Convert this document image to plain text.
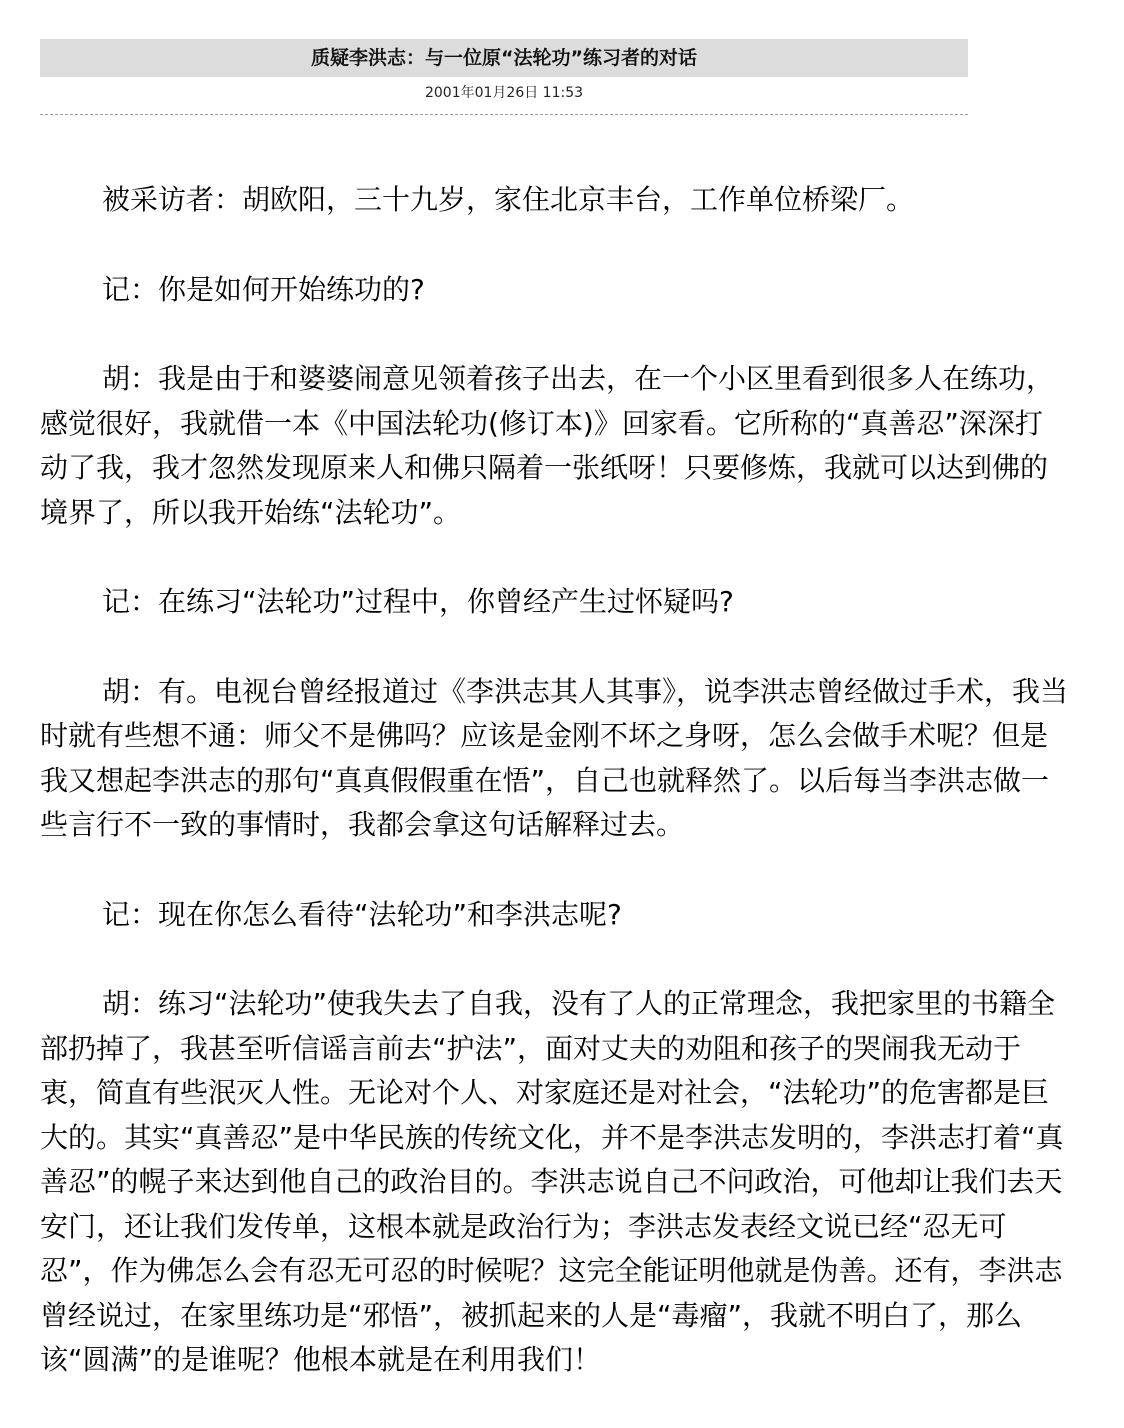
质疑李洪志：与一位原“法轮功”练习者的对话
2001年01月26日 11:53

被采访者：胡欧阳，三十九岁，家住北京丰台，工作单位桥梁厂。

记：你是如何开始练功的?

胡：我是由于和婆婆闹意见领着孩子出去，在一个小区里看到很多人在练功，感觉很好，我就借一本《中国法轮功(修订本)》回家看。它所称的“真善忍”深深打动了我，我才忽然发现原来人和佛只隔着一张纸呀！只要修炼，我就可以达到佛的境界了，所以我开始练“法轮功”。

记：在练习“法轮功”过程中，你曾经产生过怀疑吗?

胡：有。电视台曾经报道过《李洪志其人其事》，说李洪志曾经做过手术，我当时就有些想不通：师父不是佛吗？应该是金刚不坏之身呀，怎么会做手术呢？但是我又想起李洪志的那句“真真假假重在悟”，自己也就释然了。以后每当李洪志做一些言行不一致的事情时，我都会拿这句话解释过去。

记：现在你怎么看待“法轮功”和李洪志呢?

胡：练习“法轮功”使我失去了自我，没有了人的正常理念，我把家里的书籍全部扔掉了，我甚至听信谣言前去“护法”，面对丈夫的劝阻和孩子的哭闹我无动于衷，简直有些泯灭人性。无论对个人、对家庭还是对社会，“法轮功”的危害都是巨大的。其实“真善忍”是中华民族的传统文化，并不是李洪志发明的，李洪志打着“真善忍”的幌子来达到他自己的政治目的。李洪志说自己不问政治，可他却让我们去天安门，还让我们发传单，这根本就是政治行为；李洪志发表经文说已经“忍无可忍”，作为佛怎么会有忍无可忍的时候呢？这完全能证明他就是伪善。还有，李洪志曾经说过，在家里练功是“邪悟”，被抓起来的人是“毒瘤”，我就不明白了，那么该“圆满”的是谁呢？他根本就是在利用我们！
